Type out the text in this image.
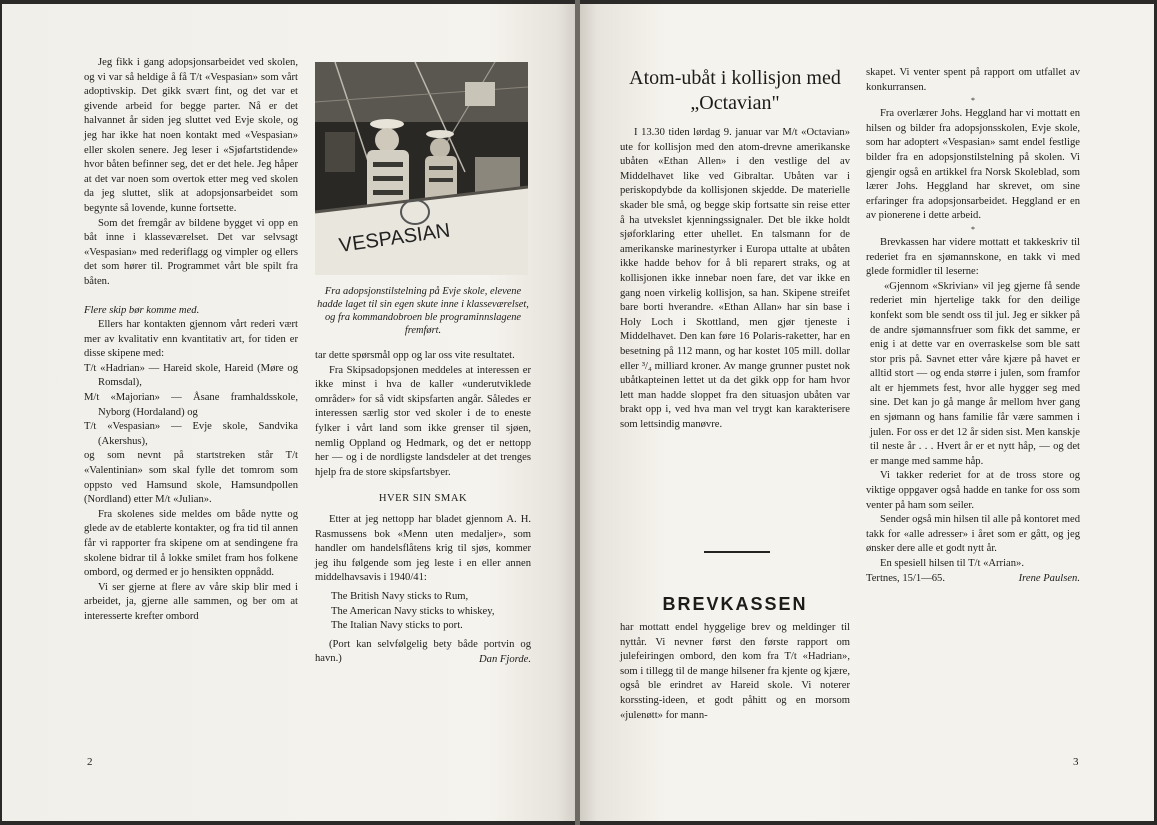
Jeg fikk i gang adopsjonsarbeidet ved skolen, og vi var så heldige å få T/t «Vespasian» som vårt adoptivskip. Det gikk svært fint, og det var et givende arbeid for begge parter. Nå er det halvannet år siden jeg sluttet ved Evje skole, og jeg har ikke hat noen kontakt med «Vespasian» eller skolen senere. Jeg leser i «Sjøfartstidende» hvor båten befinner seg, det er det hele. Jeg håper at det var noen som overtok etter meg ved skolen da jeg sluttet, slik at adopsjonsarbeidet som begynte så lovende, kunne fortsette.

Som det fremgår av bildene bygget vi opp en båt inne i klasseværelset. Det var selvsagt «Vespasian» med rederiflagg og vimpler og ellers det som hører til. Programmet vårt ble spilt fra båten.

Flere skip bør komme med.

Ellers har kontakten gjennom vårt rederi vært mer av kvalitativ enn kvantitativ art, for tiden er disse skipene med:

T/t «Hadrian» — Hareid skole, Hareid (Møre og Romsdal),

M/t «Majorian» — Åsane framhaldsskole, Nyborg (Hordaland) og

T/t «Vespasian» — Evje skole, Sandvika (Akershus),

og som nevnt på startstreken står T/t «Valentinian» som skal fylle det tomrom som oppsto ved Hamsund skole, Hamsundpollen (Nordland) etter M/t «Julian».

Fra skolenes side meldes om både nytte og glede av de etablerte kontakter, og fra tid til annen får vi rapporter fra skipene om at sendingene fra skolene bidrar til å lokke smilet fram hos folkene ombord, og dermed er jo hensikten oppnådd.

Vi ser gjerne at flere av våre skip blir med i arbeidet, ja, gjerne alle sammen, og ber om at interesserte krefter ombord

VESPASIAN
Fra adopsjonstilstelning på Evje skole, elevene hadde laget til sin egen skute inne i klasseværelset, og fra kommandobroen ble programinnslagene fremført.

tar dette spørsmål opp og lar oss vite resultatet.

Fra Skipsadopsjonen meddeles at interessen er ikke minst i hva de kaller «underutviklede områder» for så vidt skipsfarten angår. Således er interessen særlig stor ved skoler i de to eneste fylker i vårt land som ikke grenser til sjøen, nemlig Oppland og Hedmark, og det er nettopp her — og i de nordligste landsdeler at det trenges hjelp fra de store skipsfartsbyer.

HVER SIN SMAK

Etter at jeg nettopp har bladet gjennom A. H. Rasmussens bok «Menn uten medaljer», som handler om handelsflåtens krig til sjøs, kommer jeg ihu følgende som jeg leste i en eller annen middelhavsavis i 1940/41:

The British Navy sticks to Rum,

The American Navy sticks to whiskey,

The Italian Navy sticks to port.

(Port kan selvfølgelig bety både portvin og havn.)	Dan Fjorde.

2
Atom-ubåt i kollisjon med „Octavian"

I 13.30 tiden lørdag 9. januar var M/t «Octavian» ute for kollisjon med den atom-drevne amerikanske ubåten «Ethan Allen» i den vestlige del av Middelhavet like ved Gibraltar. Ubåten var i periskopdybde da kollisjonen skjedde. De materielle skader ble små, og begge skip fortsatte sin reise etter å ha utvekslet kjenningssignaler. Det ble ikke holdt sjøforklaring etter uhellet. En talsmann for de amerikanske marinestyrker i Europa uttalte at ubåten ikke hadde behov for å bli reparert straks, og at kollisjonen ikke innebar noen fare, det var ikke en gang noen virkelig kollisjon, sa han. Skipene streifet bare borti hverandre. «Ethan Allan» har sin base i Holy Loch i Skottland, men gjør tjeneste i Middelhavet. Den kan føre 16 Polaris-raketter, har en besetning på 112 mann, og har kostet 105 mill. dollar eller ³/₄ milliard kroner. Av mange grunner pustet nok ubåtkapteinen lettet ut da det gikk opp for ham hvor lett man hadde sloppet fra den situasjon ubåten var brakt opp i, ved hva man vel trygt kan karakterisere som lettsindig manøvre.

BREVKASSEN

har mottatt endel hyggelige brev og meldinger til nyttår. Vi nevner først den første rapport om julefeiringen ombord, den kom fra T/t «Hadrian», som i tillegg til de mange hilsener fra kjente og kjære, også ble erindret av Hareid skole. Vi noterer korssting-ideen, et godt påhitt og en morsom «julenøtt» for mann-

skapet. Vi venter spent på rapport om utfallet av konkurransen.

*

Fra overlærer Johs. Heggland har vi mottatt en hilsen og bilder fra adopsjonsskolen, Evje skole, som har adoptert «Vespasian» samt endel festlige bilder fra en adopsjonstilstelning på skolen. Vi gjengir også en artikkel fra Norsk Skoleblad, som lærer Johs. Heggland har skrevet, om sine erfaringer fra adopsjonsarbeidet. Heggland er en av pionerene i dette arbeid.

*

Brevkassen har videre mottatt et takkeskriv til rederiet fra en sjømannskone, en takk vi med glede formidler til leserne:

«Gjennom «Skrivian» vil jeg gjerne få sende rederiet min hjertelige takk for den deilige konfekt som ble sendt oss til jul. Jeg er sikker på de andre sjømannsfruer som fikk det samme, er enig i at dette var en overraskelse som ble satt stor pris på. Savnet etter våre kjære på havet er alltid stort — og enda større i julen, som framfor alt er hjemmets fest, hvor alle hygger seg med sine. Det kan jo gå mange år mellom hver gang en sjømann og hans familie får være sammen i julen. For oss er det 12 år siden sist. Men kanskje til neste år . . . Hvert år er et nytt håp, — og det er mange med samme håp.

Vi takker rederiet for at de tross store og viktige oppgaver også hadde en tanke for oss som venter på ham som seiler.

Sender også min hilsen til alle på kontoret med takk for «alle adresser» i året som er gått, og jeg ønsker dere alle et godt nytt år.

En spesiell hilsen til T/t «Arrian».

Tertnes, 15/1—65.	Irene Paulsen.
3
